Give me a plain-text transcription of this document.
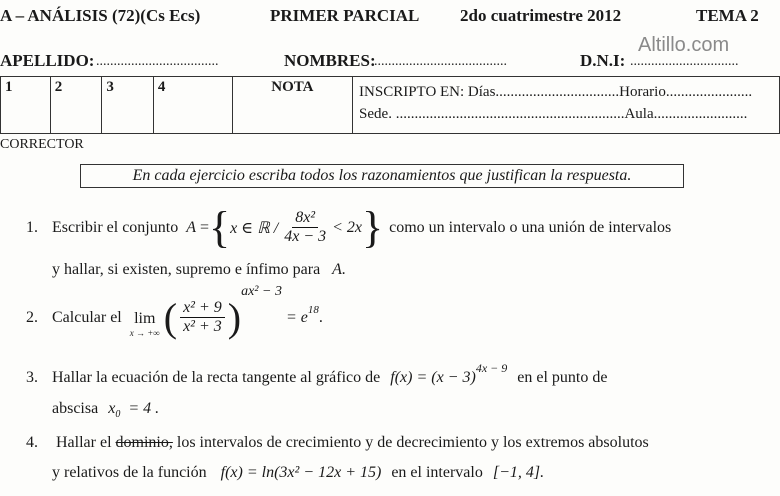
A – ANÁLISIS (72)(Cs Ecs)	PRIMER PARCIAL 2do cuatrimestre 2012	TEMA 2
Altillo.com
APELLIDO: ...................................	NOMBRES:
......................................	D.N.I: ...............................
1	2	3	4	NOTA	INSCRIPTO EN: Días.................................Horario.......................
Sede. .............................................................Aula.........................
CORRECTOR
En cada ejercicio escriba todos los razonamientos que justifican la respuesta.
1. Escribir el conjunto A = { x ∈ ℝ / $\frac{\text{8x²}}{4x - 3} < 2x$ } como un intervalo o una unión de intervalos
y hallar, si existen, supremo e ínfimo para A.
2. Calcular el lim
x → +∞ ( $\frac{\text{x² + 9}}{\text{x² + 3}}$ )
ax² − 3
= e 18 .
3. Hallar la ecuación de la recta tangente al gráfico de f(x) = (x − 3)
4x − 9
en el punto de
abscisa $x_0 = 4$ .
4. Hallar el dominio, los intervalos de crecimiento y de decrecimiento y los extremos absolutos
y relativos de la función f(x) = ln(3x² − 12x + 15) en el intervalo [−1, 4].
